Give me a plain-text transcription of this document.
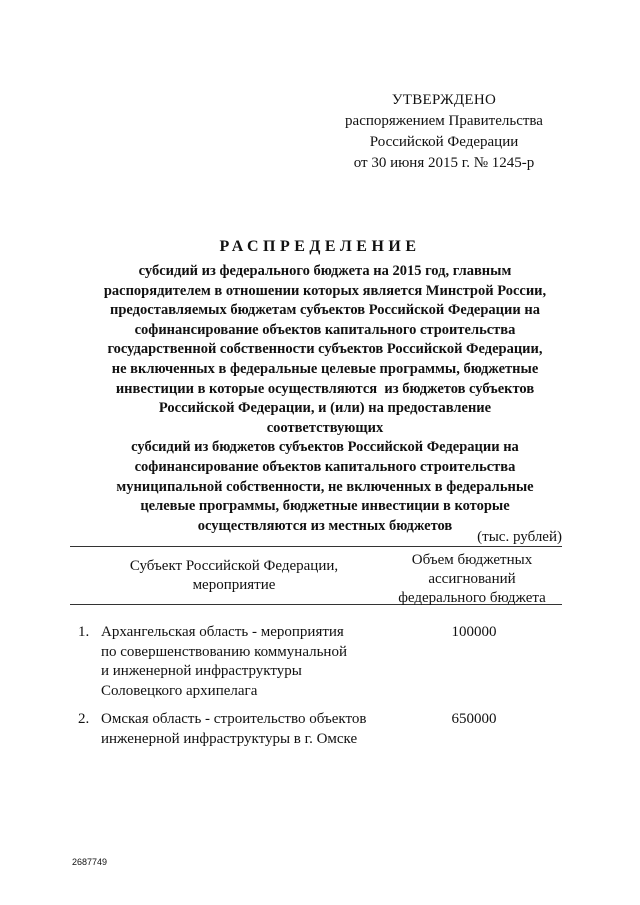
УТВЕРЖДЕНО
распоряжением Правительства
Российской Федерации
от 30 июня 2015 г. № 1245-р
РАСПРЕДЕЛЕНИЕ
субсидий из федерального бюджета на 2015 год, главным
распорядителем в отношении которых является Минстрой России,
предоставляемых бюджетам субъектов Российской Федерации на
софинансирование объектов капитального строительства
государственной собственности субъектов Российской Федерации,
не включенных в федеральные целевые программы, бюджетные
инвестиции в которые осуществляются  из бюджетов субъектов
Российской Федерации, и (или) на предоставление соответствующих
субсидий из бюджетов субъектов Российской Федерации на
софинансирование объектов капитального строительства
муниципальной собственности, не включенных в федеральные
целевые программы, бюджетные инвестиции в которые
осуществляются из местных бюджетов
(тыс. рублей)
Субъект Российской Федерации,
мероприятие
Объем бюджетных
ассигнований
федерального бюджета
1. Архангельская область - мероприятия
по совершенствованию коммунальной
и инженерной инфраструктуры
Соловецкого архипелага
100000
2. Омская область - строительство объектов
инженерной инфраструктуры в г. Омске
650000
2687749
